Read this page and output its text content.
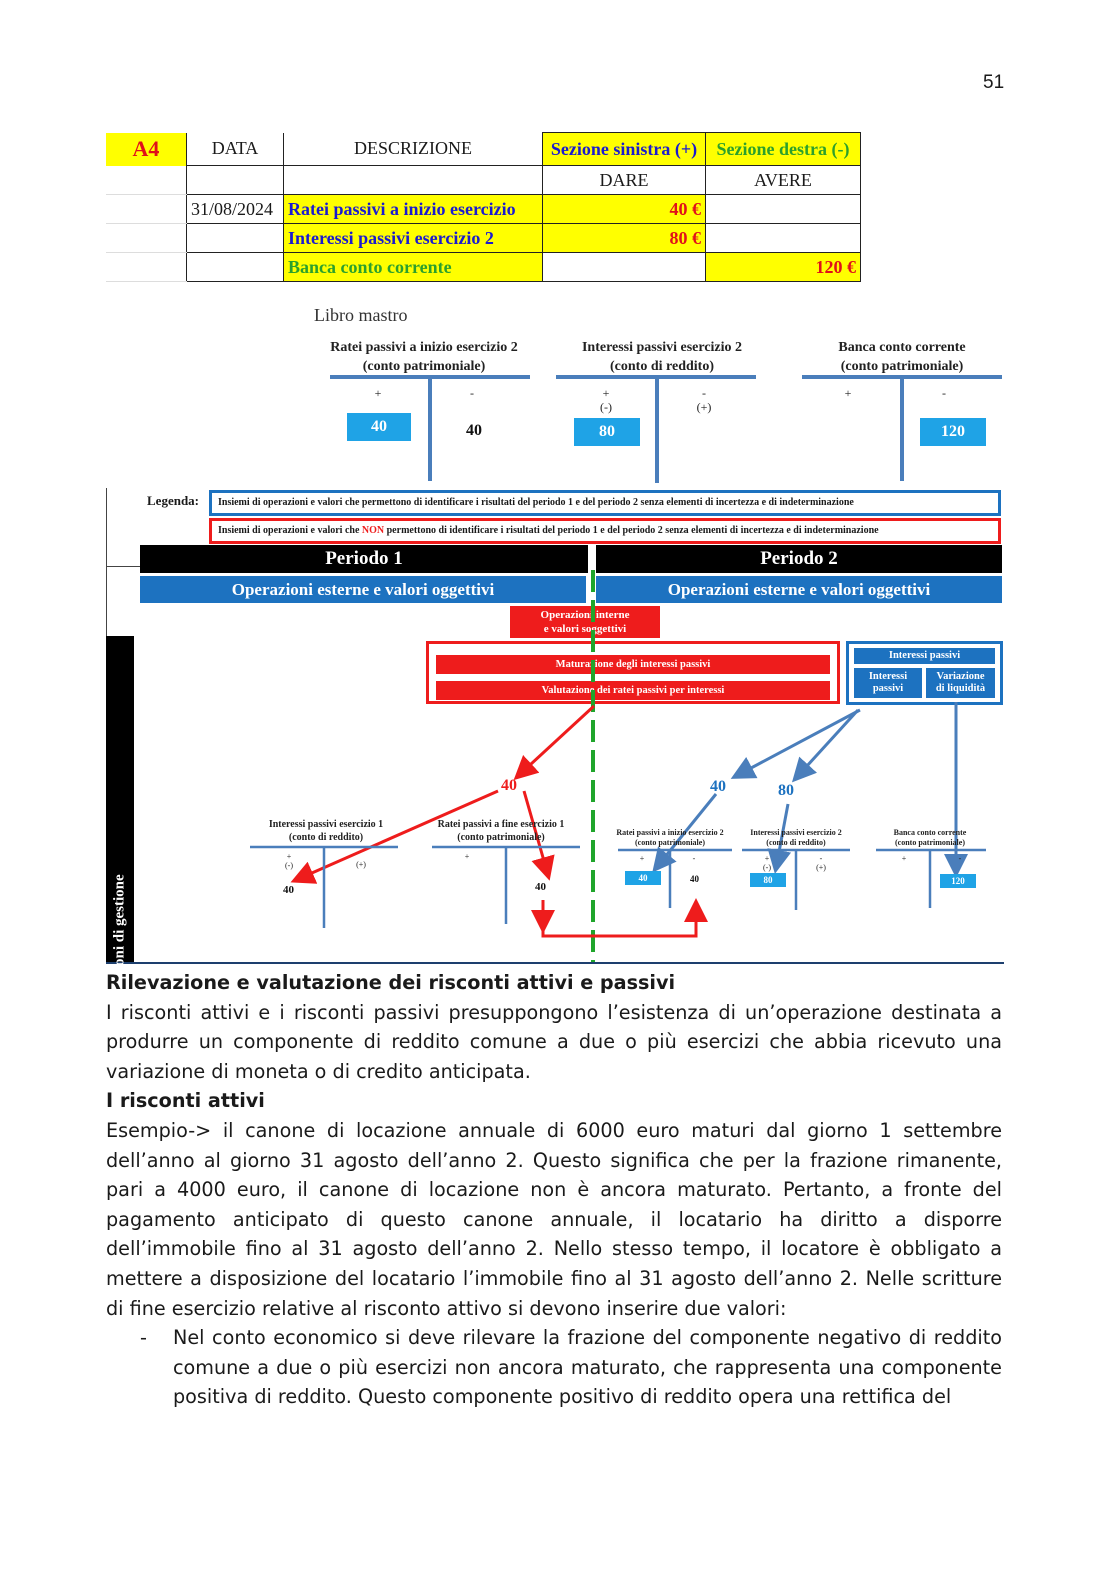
51
A4	DATA	DESCRIZIONE	Sezione sinistra (+)	Sezione destra (-)
			DARE	AVERE
	31/08/2024	Ratei passivi a inizio esercizio	40 €	
		Interessi passivi esercizio 2	80 €	
		Banca conto corrente		120 €
Libro mastro
Ratei passivi a inizio esercizio 2
(conto patrimoniale)
+	-
40	40
Interessi passivi esercizio 2
(conto di reddito)
+
(-)
-
(+)
80
Banca conto corrente
(conto patrimoniale)
+	-
120
Legenda:	Insiemi di operazioni e valori che permettono di identificare i risultati del periodo 1 e del periodo 2 senza elementi di incertezza e di indeterminazione
Insiemi di operazioni e valori che NON permettono di identificare i risultati del periodo 1 e del periodo 2 senza elementi di incertezza e di indeterminazione
Periodo 1	Periodo 2
Operazioni esterne e valori oggettivi	Operazioni esterne e valori oggettivi
Operazioni interne
e valori soggettivi
Maturazione degli interessi passivi
Valutazione dei ratei passivi per interessi
Interessi passivi
Interessi
passivi
Variazione
di liquidità
Operazioni di gestione
40	40	80
Interessi passivi esercizio 1
(conto di reddito)
+
(-)	(+)
40
Ratei passivi a fine esercizio 1
(conto patrimoniale)
+
40
Ratei passivi a inizio esercizio 2
(conto patrimoniale)
+	-
40	40
Interessi passivi esercizio 2
(conto di reddito)
+
(-)
-
(+)
80
Banca conto corrente
(conto patrimoniale)
+	-
120

Rilevazione e valutazione dei risconti attivi e passivi

I risconti attivi e i risconti passivi presuppongono l’esistenza di un’operazione destinata a produrre un componente di reddito comune a due o più esercizi che abbia ricevuto una variazione di moneta o di credito anticipata.

I risconti attivi

Esempio-> il canone di locazione annuale di 6000 euro maturi dal giorno 1 settembre dell’anno al giorno 31 agosto dell’anno 2. Questo significa che per la frazione rimanente, pari a 4000 euro, il canone di locazione non è ancora maturato. Pertanto, a fronte del pagamento anticipato di questo canone annuale, il locatario ha diritto a disporre dell’immobile fino al 31 agosto dell’anno 2. Nello stesso tempo, il locatore è obbligato a mettere a disposizione del locatario l’immobile fino al 31 agosto dell’anno 2. Nelle scritture di fine esercizio relative al risconto attivo si devono inserire due valori:

-	Nel conto economico si deve rilevare la frazione del componente negativo di reddito comune a due o più esercizi non ancora maturato, che rappresenta una componente positiva di reddito. Questo componente positivo di reddito opera una rettifica del
